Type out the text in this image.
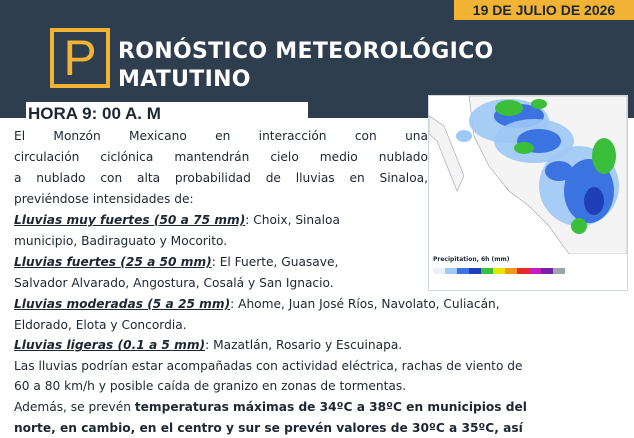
19 DE JULIO DE 2026
P RONÓSTICO METEOROLÓGICO
MATUTINO
HORA 9: 00 A. M
Precipitation, 6h (mm)
El Monzón Mexicano en interacción con una
circulación ciclónica mantendrán cielo medio nublado
a nublado con alta probabilidad de lluvias en Sinaloa,
previéndose intensidades de:
Lluvias muy fuertes (50 a 75 mm): Choix, Sinaloa
municipio, Badiraguato y Mocorito.
Lluvias fuertes (25 a 50 mm): El Fuerte, Guasave,
Salvador Alvarado, Angostura, Cosalá y San Ignacio.
Lluvias moderadas (5 a 25 mm): Ahome, Juan José Ríos, Navolato, Culiacán,
Eldorado, Elota y Concordia.
Lluvias ligeras (0.1 a 5 mm): Mazatlán, Rosario y Escuinapa.
Las lluvias podrían estar acompañadas con actividad eléctrica, rachas de viento de
60 a 80 km/h y posible caída de granizo en zonas de tormentas.
Además, se prevén temperaturas máximas de 34ºC a 38ºC en municipios del
norte, en cambio, en el centro y sur se prevén valores de 30ºC a 35ºC, así
